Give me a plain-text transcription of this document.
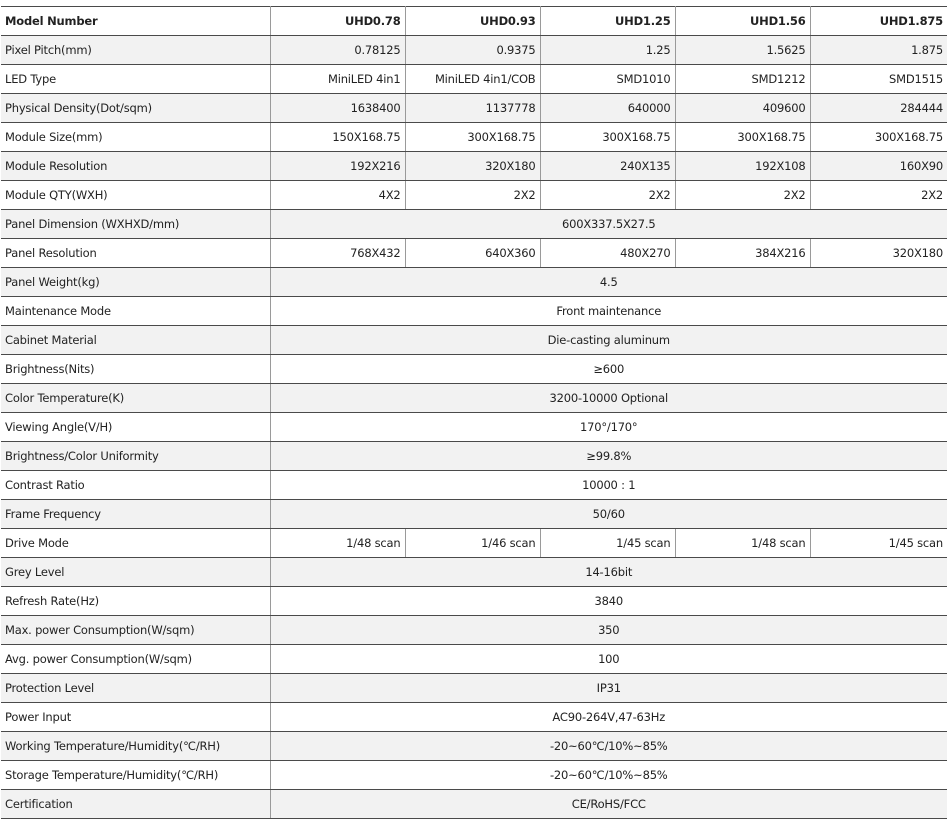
Model Number	UHD0.78	UHD0.93	UHD1.25	UHD1.56	UHD1.875
Pixel Pitch(mm)	0.78125	0.9375	1.25	1.5625	1.875
LED Type	MiniLED 4in1	MiniLED 4in1/COB	SMD1010	SMD1212	SMD1515
Physical Density(Dot/sqm)	1638400	1137778	640000	409600	284444
Module Size(mm)	150X168.75	300X168.75	300X168.75	300X168.75	300X168.75
Module Resolution	192X216	320X180	240X135	192X108	160X90
Module QTY(WXH)	4X2	2X2	2X2	2X2	2X2
Panel Dimension (WXHXD/mm)	600X337.5X27.5				
Panel Resolution	768X432	640X360	480X270	384X216	320X180
Panel Weight(kg)	4.5				
Maintenance Mode	Front maintenance				
Cabinet Material	Die-casting aluminum				
Brightness(Nits)	≥600				
Color Temperature(K)	3200-10000 Optional				
Viewing Angle(V/H)	170°/170°				
Brightness/Color Uniformity	≥99.8%				
Contrast Ratio	10000 : 1				
Frame Frequency	50/60				
Drive Mode	1/48 scan	1/46 scan	1/45 scan	1/48 scan	1/45 scan
Grey Level	14-16bit				
Refresh Rate(Hz)	3840				
Max. power Consumption(W/sqm)	350				
Avg. power Consumption(W/sqm)	100				
Protection Level	IP31				
Power Input	AC90-264V,47-63Hz				
Working Temperature/Humidity(℃/RH)	-20~60℃/10%~85%				
Storage Temperature/Humidity(℃/RH)	-20~60℃/10%~85%				
Certification	CE/RoHS/FCC				
